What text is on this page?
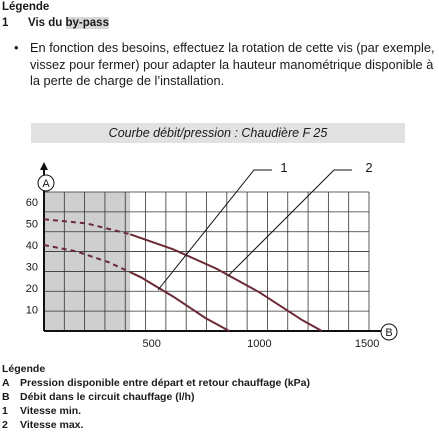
Légende
1 Vis du by-pass
• En fonction des besoins, effectuez la rotation de cette vis (par exemple, vissez pour fermer) pour adapter la hauteur manométrique disponible à la perte de charge de l’installation.
Courbe débit/pression : Chaudière F 25
A
B
10
20
30
40
50
60
500	1000	1500
1	2
Légende
A Pression disponible entre départ et retour chauffage (kPa)
B Débit dans le circuit chauffage (l/h)
1 Vitesse min.
2 Vitesse max.
